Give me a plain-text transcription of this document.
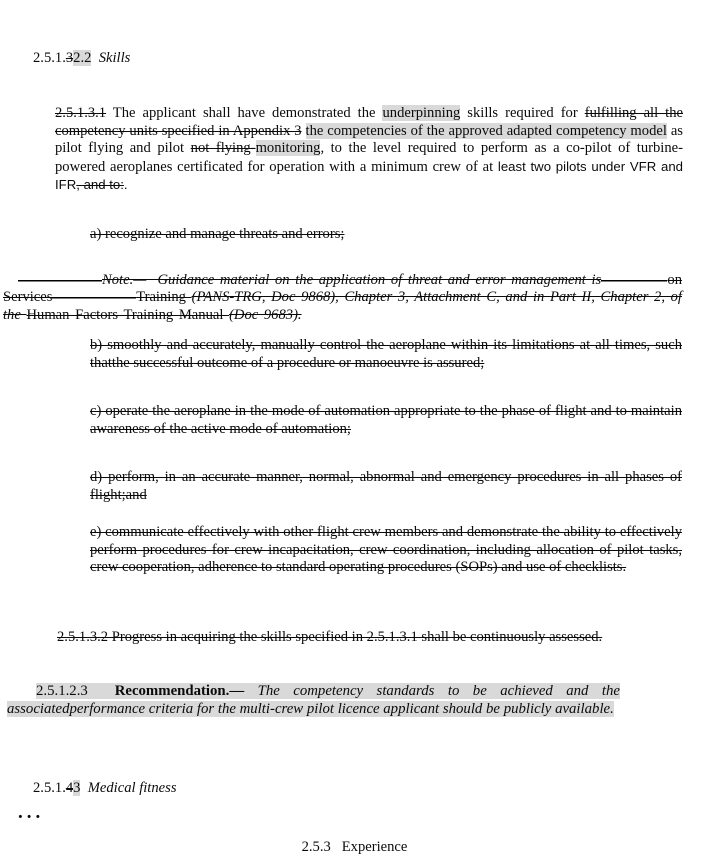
2.5.1.32.2 Skills
2.5.1.3.1 The applicant shall have demonstrated the underpinning skills required for fulfilling all the competency units specified in Appendix 3 the competencies of the approved adapted competency model as pilot flying and pilot not flying-monitoring, to the level required to perform as a co-pilot of turbine-powered aeroplanes certificated for operation with a minimum crew of at least two pilots under VFR and IFR, and to:.
a) recognize and manage threats and errors;
Note.—  Guidance material on the application of threat and error management is	on
Services	Training (PANS-TRG, Doc 9868), Chapter 3, Attachment C, and in Part II, Chapter 2, of
the Human Factors Training Manual (Doc 9683).
b) smoothly and accurately, manually control the aeroplane within its limitations at all times, such thatthe successful outcome of a procedure or manoeuvre is assured;
c) operate the aeroplane in the mode of automation appropriate to the phase of flight and to maintain awareness of the active mode of automation;
d) perform, in an accurate manner, normal, abnormal and emergency procedures in all phases of flight;and
e) communicate effectively with other flight crew members and demonstrate the ability to effectively perform procedures for crew incapacitation, crew coordination, including allocation of pilot tasks, crew cooperation, adherence to standard operating procedures (SOPs) and use of checklists.
2.5.1.3.2 Progress in acquiring the skills specified in 2.5.1.3.1 shall be continuously assessed.
2.5.1.2.3  Recommendation.— The competency standards to be achieved and the associatedperformance criteria for the multi-crew pilot licence applicant should be publicly available.
2.5.1.43 Medical fitness
...
2.5.3 Experience
